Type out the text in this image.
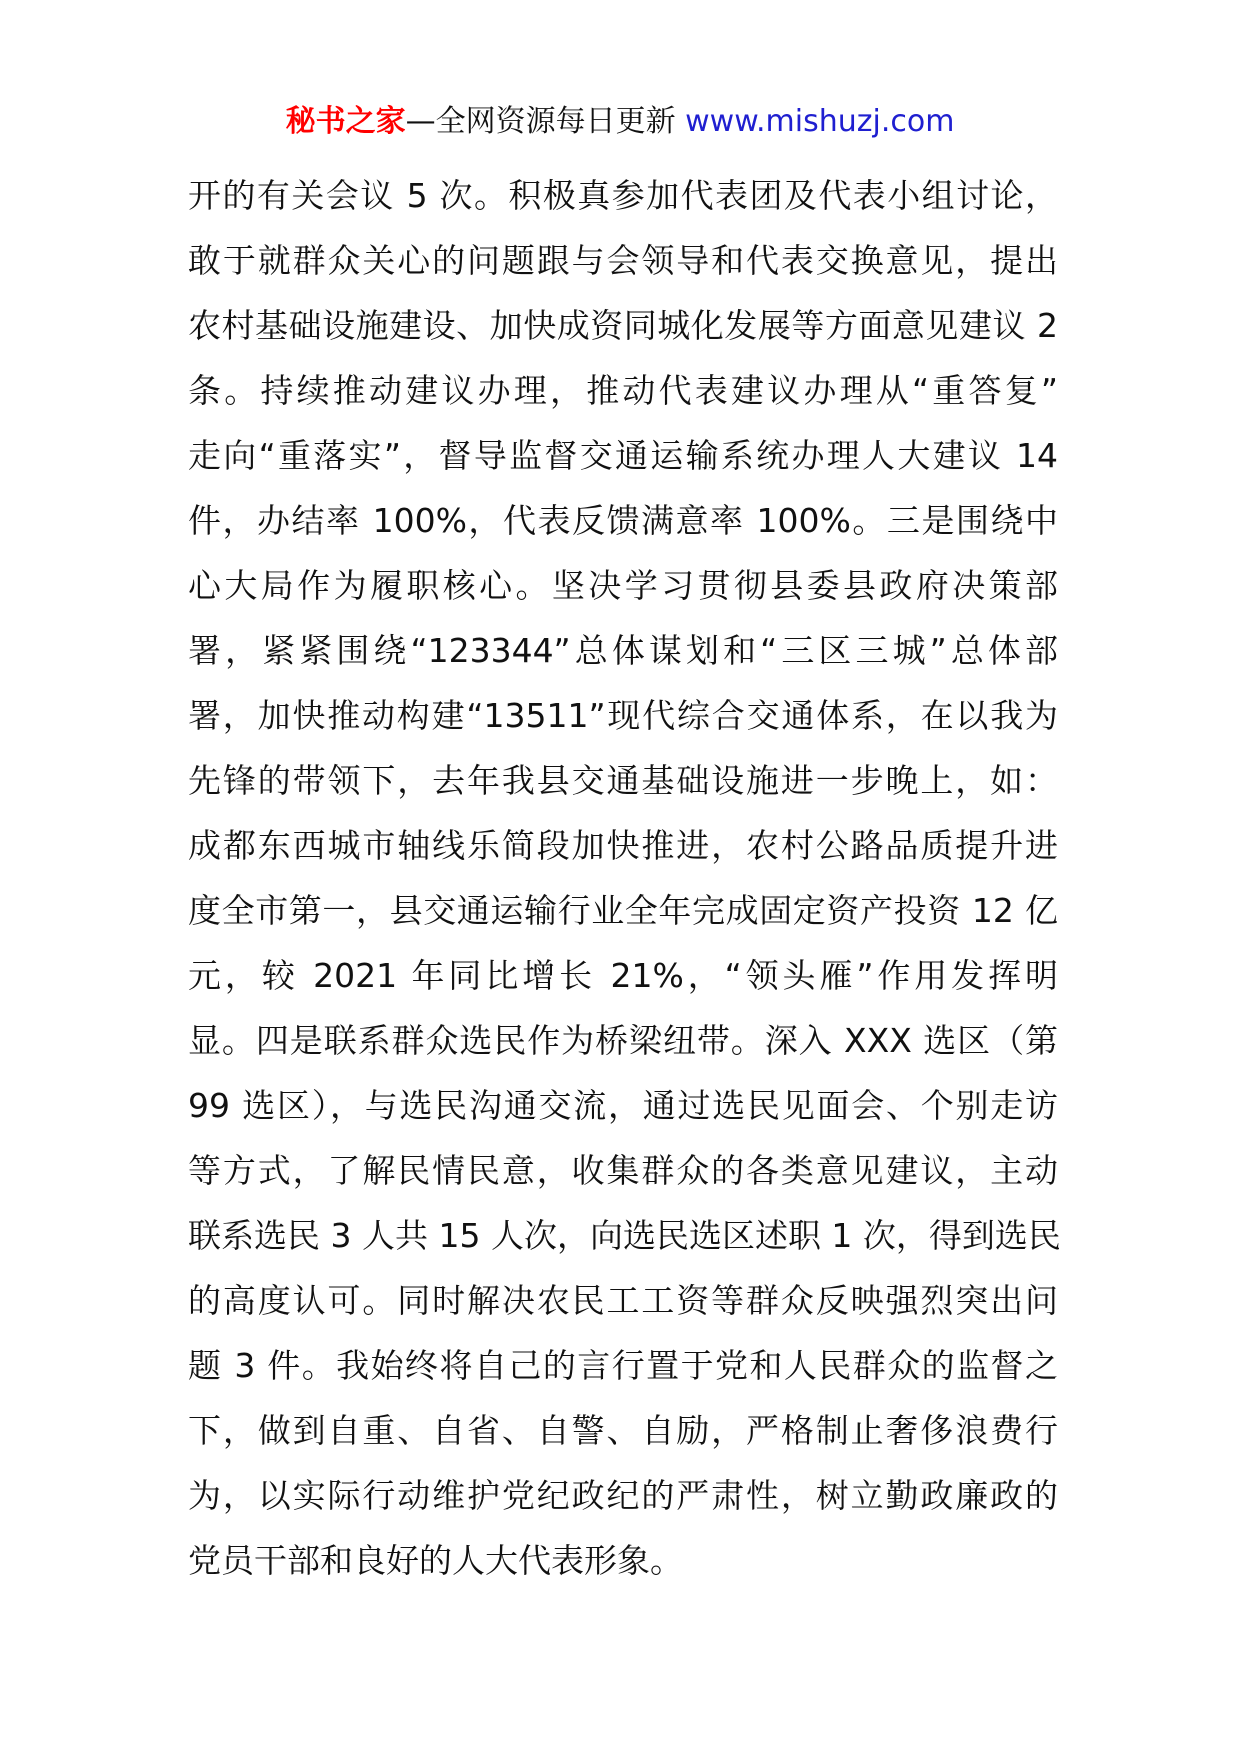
秘书之家—全网资源每日更新 www.mishuzj.com
开的有关会议 5 次。积极真参加代表团及代表小组讨论，
敢于就群众关心的问题跟与会领导和代表交换意见，提出
农村基础设施建设、加快成资同城化发展等方面意见建议 2
条。持续推动建议办理，推动代表建议办理从“重答复”
走向“重落实”，督导监督交通运输系统办理人大建议 14
件，办结率 100%，代表反馈满意率 100%。三是围绕中
心大局作为履职核心。坚决学习贯彻县委县政府决策部
署，紧紧围绕“123344”总体谋划和“三区三城”总体部
署，加快推动构建“13511”现代综合交通体系，在以我为
先锋的带领下，去年我县交通基础设施进一步晚上，如：
成都东西城市轴线乐简段加快推进，农村公路品质提升进
度全市第一，县交通运输行业全年完成固定资产投资 12 亿
元，较 2021 年同比增长 21%，“领头雁”作用发挥明
显。四是联系群众选民作为桥梁纽带。深入 XXX 选区（第
99 选区），与选民沟通交流，通过选民见面会、个别走访
等方式，了解民情民意，收集群众的各类意见建议，主动
联系选民 3 人共 15 人次，向选民选区述职 1 次，得到选民
的高度认可。同时解决农民工工资等群众反映强烈突出问
题 3 件。我始终将自己的言行置于党和人民群众的监督之
下，做到自重、自省、自警、自励，严格制止奢侈浪费行
为，以实际行动维护党纪政纪的严肃性，树立勤政廉政的
党员干部和良好的人大代表形象。
